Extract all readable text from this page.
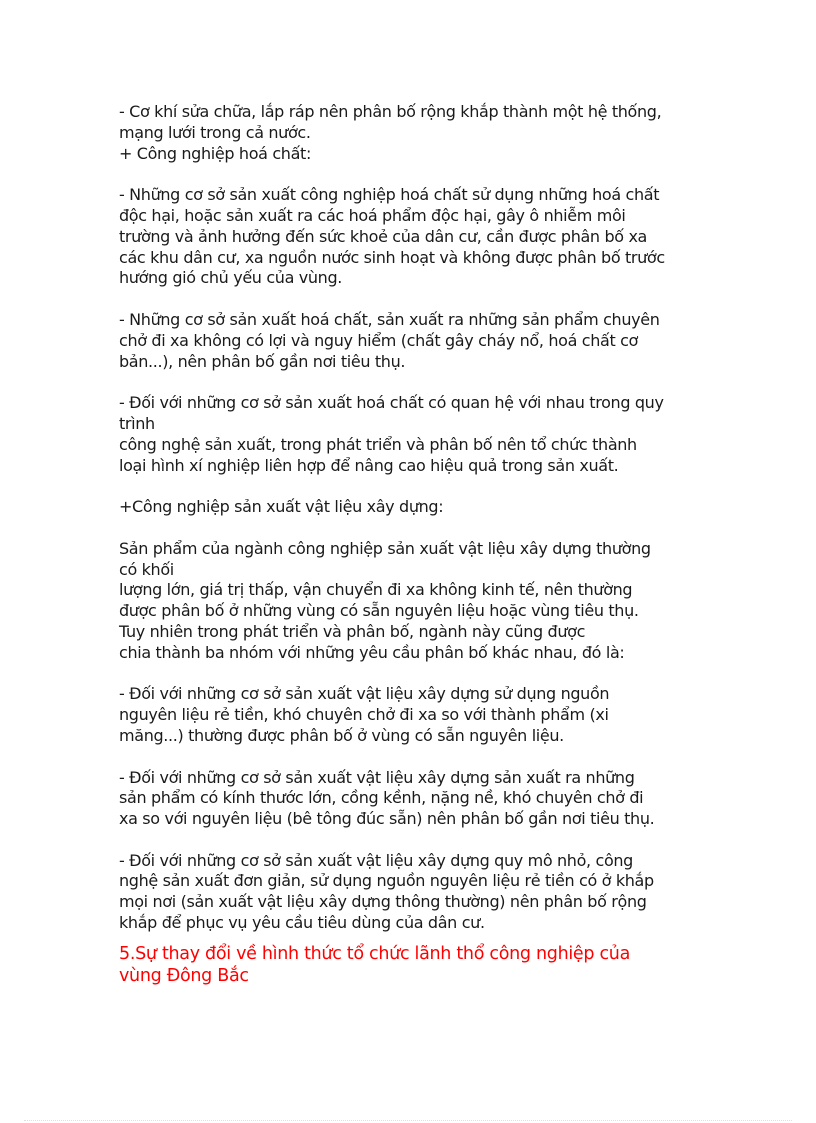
- Cơ khí sửa chữa, lắp ráp nên phân bố rộng khắp thành một hệ thống,
mạng lưới trong cả nước.
+ Công nghiệp hoá chất:
- Những cơ sở sản xuất công nghiệp hoá chất sử dụng những hoá chất
độc hại, hoặc sản xuất ra các hoá phẩm độc hại, gây ô nhiễm môi
trường và ảnh hưởng đến sức khoẻ của dân cư, cần được phân bố xa
các khu dân cư, xa nguồn nước sinh hoạt và không được phân bố trước
hướng gió chủ yếu của vùng.
- Những cơ sở sản xuất hoá chất, sản xuất ra những sản phẩm chuyên
chở đi xa không có lợi và nguy hiểm (chất gây cháy nổ, hoá chất cơ
bản...), nên phân bố gần nơi tiêu thụ.
- Đối với những cơ sở sản xuất hoá chất có quan hệ với nhau trong quy
trình
công nghệ sản xuất, trong phát triển và phân bố nên tổ chức thành
loại hình xí nghiệp liên hợp để nâng cao hiệu quả trong sản xuất.
+Công nghiệp sản xuất vật liệu xây dựng:
Sản phẩm của ngành công nghiệp sản xuất vật liệu xây dựng thường
có khối
lượng lớn, giá trị thấp, vận chuyển đi xa không kinh tế, nên thường
được phân bố ở những vùng có sẵn nguyên liệu hoặc vùng tiêu thụ.
Tuy nhiên trong phát triển và phân bố, ngành này cũng được
chia thành ba nhóm với những yêu cầu phân bố khác nhau, đó là:
- Đối với những cơ sở sản xuất vật liệu xây dựng sử dụng nguồn
nguyên liệu rẻ tiền, khó chuyên chở đi xa so với thành phẩm (xi
măng...) thường được phân bố ở vùng có sẵn nguyên liệu.
- Đối với những cơ sở sản xuất vật liệu xây dựng sản xuất ra những
sản phẩm có kính thước lớn, cồng kềnh, nặng nề, khó chuyên chở đi
xa so với nguyên liệu (bê tông đúc sẵn) nên phân bố gần nơi tiêu thụ.
- Đối với những cơ sở sản xuất vật liệu xây dựng quy mô nhỏ, công
nghệ sản xuất đơn giản, sử dụng nguồn nguyên liệu rẻ tiền có ở khắp
mọi nơi (sản xuất vật liệu xây dựng thông thường) nên phân bố rộng
khắp để phục vụ yêu cầu tiêu dùng của dân cư.
5.Sự thay đổi về hình thức tổ chức lãnh thổ công nghiệp của
vùng Đông Bắc
